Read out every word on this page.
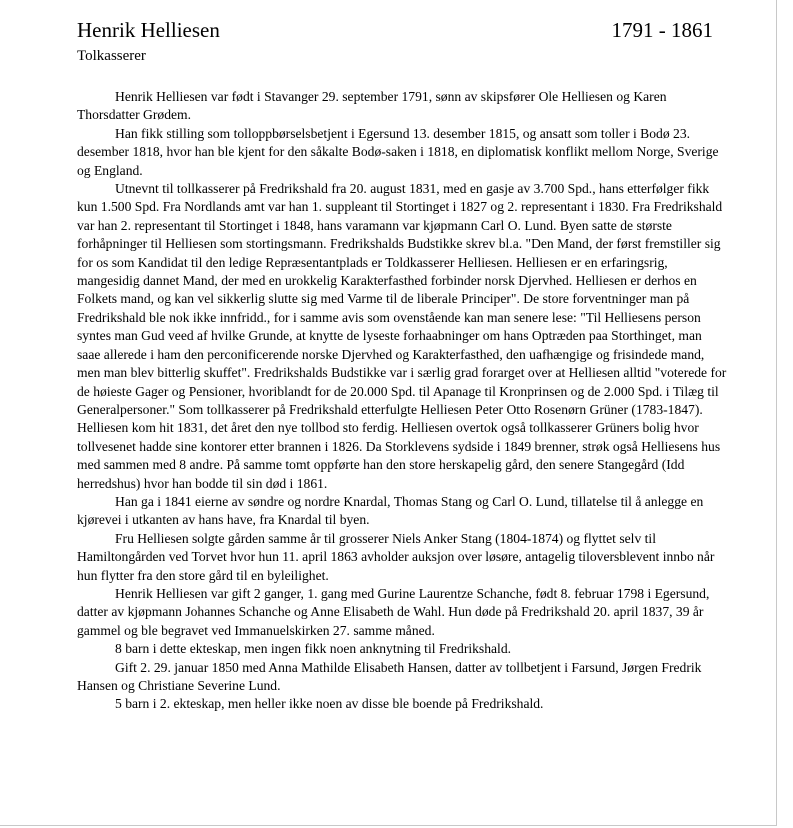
Henrik Helliesen	1791 - 1861
Tolkasserer

Henrik Helliesen var født i Stavanger 29. september 1791, sønn av skipsfører Ole Helliesen og Karen Thorsdatter Grødem.

Han fikk stilling som tolloppbørselsbetjent i Egersund 13. desember 1815, og ansatt som toller i Bodø 23. desember 1818, hvor han ble kjent for den såkalte Bodø-saken i 1818, en diplomatisk konflikt mellom Norge, Sverige og England.

Utnevnt til tollkasserer på Fredrikshald fra 20. august 1831, med en gasje av 3.700 Spd., hans etterfølger fikk kun 1.500 Spd. Fra Nordlands amt var han 1. suppleant til Stortinget i 1827 og 2. representant i 1830. Fra Fredrikshald var han 2. representant til Stortinget i 1848, hans varamann var kjøpmann Carl O. Lund. Byen satte de største forhåpninger til Helliesen som stortingsmann. Fredrikshalds Budstikke skrev bl.a. "Den Mand, der først fremstiller sig for os som Kandidat til den ledige Repræsentantplads er Toldkasserer Helliesen. Helliesen er en erfaringsrig, mangesidig dannet Mand, der med en urokkelig Karakterfasthed forbinder norsk Djervhed. Helliesen er derhos en Folkets mand, og kan vel sikkerlig slutte sig med Varme til de liberale Principer". De store forventninger man på Fredrikshald ble nok ikke innfridd., for i samme avis som ovenstående kan man senere lese: "Til Helliesens person syntes man Gud veed af hvilke Grunde, at knytte de lyseste forhaabninger om hans Optræden paa Storthinget, man saae allerede i ham den perconificerende norske Djervhed og Karakterfasthed, den uafhængige og frisindede mand, men man blev bitterlig skuffet". Fredrikshalds Budstikke var i særlig grad forarget over at Helliesen alltid "voterede for de høieste Gager og Pensioner, hvoriblandt for de 20.000 Spd. til Apanage til Kronprinsen og de 2.000 Spd. i Tilæg til Generalpersoner." Som tollkasserer på Fredrikshald etterfulgte Helliesen Peter Otto Rosenørn Grüner (1783-1847). Helliesen kom hit 1831, det året den nye tollbod sto ferdig. Helliesen overtok også tollkasserer Grüners bolig hvor tollvesenet hadde sine kontorer etter brannen i 1826. Da Storklevens sydside i 1849 brenner, strøk også Helliesens hus med sammen med 8 andre. På samme tomt oppførte han den store herskapelig gård, den senere Stangegård (Idd herredshus) hvor han bodde til sin død i 1861.

Han ga i 1841 eierne av søndre og nordre Knardal, Thomas Stang og Carl O. Lund, tillatelse til å anlegge en kjørevei i utkanten av hans have, fra Knardal til byen.

Fru Helliesen solgte gården samme år til grosserer Niels Anker Stang (1804-1874) og flyttet selv til Hamiltongården ved Torvet hvor hun 11. april 1863 avholder auksjon over løsøre, antagelig tiloversblevent innbo når hun flytter fra den store gård til en byleilighet.

Henrik Helliesen var gift 2 ganger, 1. gang med Gurine Laurentze Schanche, født 8. februar 1798 i Egersund, datter av kjøpmann Johannes Schanche og Anne Elisabeth de Wahl. Hun døde på Fredrikshald 20. april 1837, 39 år gammel og ble begravet ved Immanuelskirken 27. samme måned.

8 barn i dette ekteskap, men ingen fikk noen anknytning til Fredrikshald.

Gift 2. 29. januar 1850 med Anna Mathilde Elisabeth Hansen, datter av tollbetjent i Farsund, Jørgen Fredrik Hansen og Christiane Severine Lund.

5 barn i 2. ekteskap, men heller ikke noen av disse ble boende på Fredrikshald.
